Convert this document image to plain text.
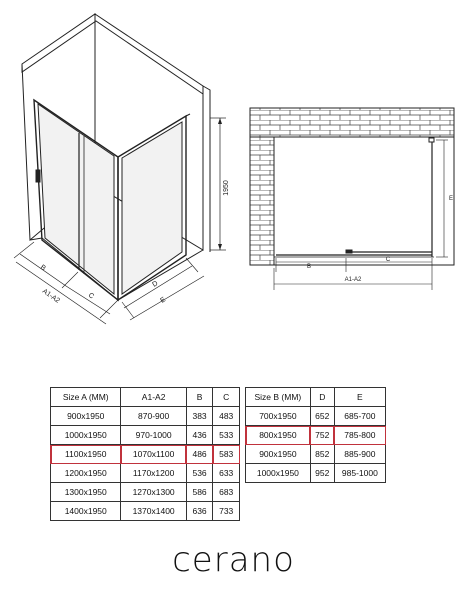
1950
B
C
A1-A2
D
E
E
B
C
A1-A2
Size A (MM)	A1-A2	B	C
900x1950	870-900	383	483
1000x1950	970-1000	436	533
1100x1950	1070x1100	486	583
1200x1950	1170x1200	536	633
1300x1950	1270x1300	586	683
1400x1950	1370x1400	636	733
Size B (MM)	D	E
700x1950	652	685-700
800x1950	752	785-800
900x1950	852	885-900
1000x1950	952	985-1000
cerano
